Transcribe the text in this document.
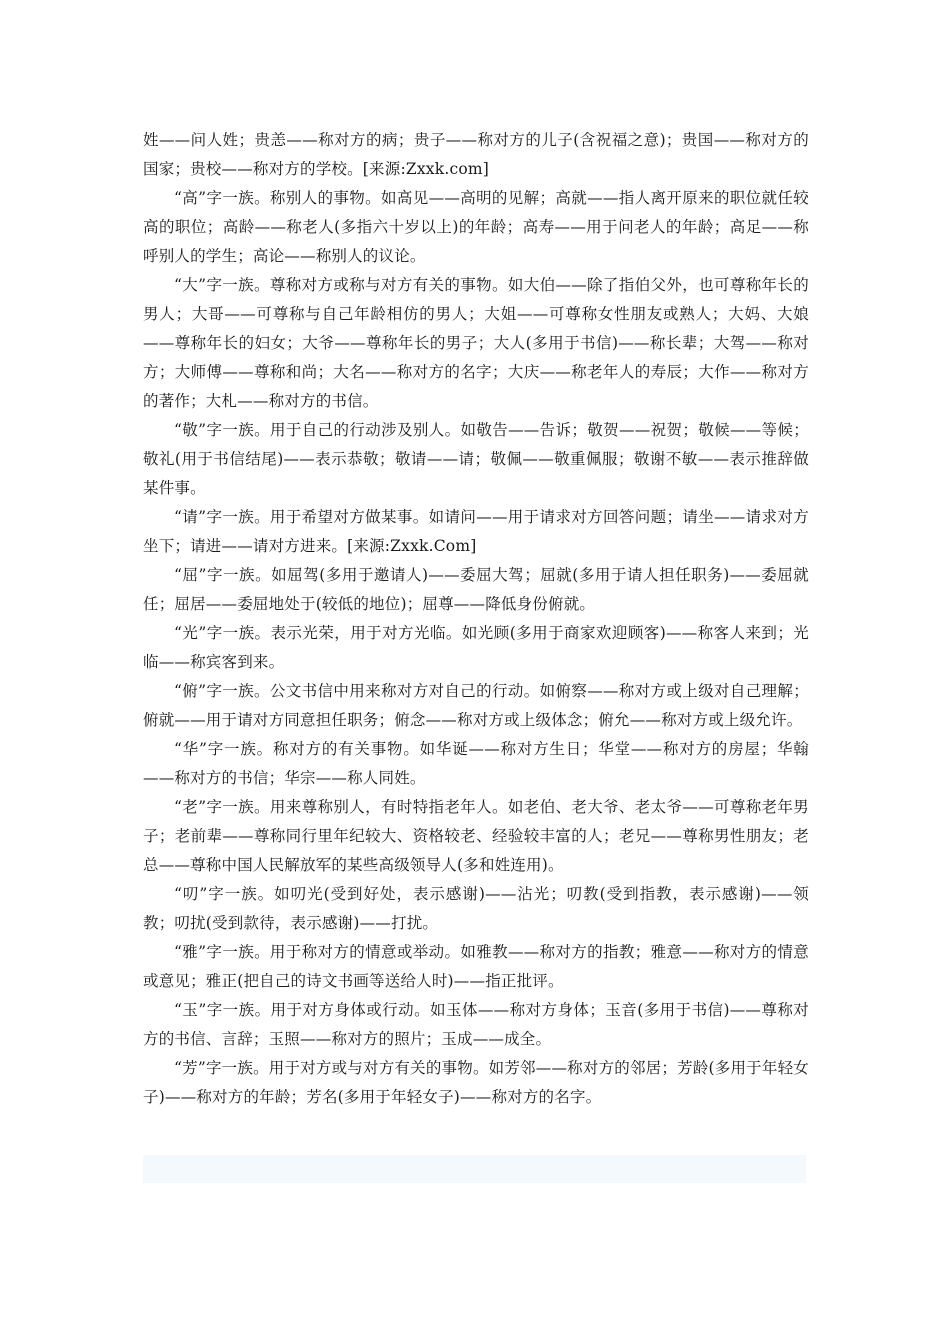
姓——问人姓；贵恙——称对方的病；贵子——称对方的儿子(含祝福之意)；贵国——称对方的国家；贵校——称对方的学校。[来源:Zxxk.com]

“高”字一族。称别人的事物。如高见——高明的见解；高就——指人离开原来的职位就任较高的职位；高龄——称老人(多指六十岁以上)的年龄；高寿——用于问老人的年龄；高足——称呼别人的学生；高论——称别人的议论。

“大”字一族。尊称对方或称与对方有关的事物。如大伯——除了指伯父外，也可尊称年长的男人；大哥——可尊称与自己年龄相仿的男人；大姐——可尊称女性朋友或熟人；大妈、大娘——尊称年长的妇女；大爷——尊称年长的男子；大人(多用于书信)——称长辈；大驾——称对方；大师傅——尊称和尚；大名——称对方的名字；大庆——称老年人的寿辰；大作——称对方的著作；大札——称对方的书信。

“敬”字一族。用于自己的行动涉及别人。如敬告——告诉；敬贺——祝贺；敬候——等候；敬礼(用于书信结尾)——表示恭敬；敬请——请；敬佩——敬重佩服；敬谢不敏——表示推辞做某件事。

“请”字一族。用于希望对方做某事。如请问——用于请求对方回答问题；请坐——请求对方坐下；请进——请对方进来。[来源:Zxxk.Com]

“屈”字一族。如屈驾(多用于邀请人)——委屈大驾；屈就(多用于请人担任职务)——委屈就任；屈居——委屈地处于(较低的地位)；屈尊——降低身份俯就。

“光”字一族。表示光荣，用于对方光临。如光顾(多用于商家欢迎顾客)——称客人来到；光临——称宾客到来。

“俯”字一族。公文书信中用来称对方对自己的行动。如俯察——称对方或上级对自己理解；俯就——用于请对方同意担任职务；俯念——称对方或上级体念；俯允——称对方或上级允许。

“华”字一族。称对方的有关事物。如华诞——称对方生日；华堂——称对方的房屋；华翰——称对方的书信；华宗——称人同姓。

“老”字一族。用来尊称别人，有时特指老年人。如老伯、老大爷、老太爷——可尊称老年男子；老前辈——尊称同行里年纪较大、资格较老、经验较丰富的人；老兄——尊称男性朋友；老总——尊称中国人民解放军的某些高级领导人(多和姓连用)。

“叨”字一族。如叨光(受到好处，表示感谢)——沾光；叨教(受到指教，表示感谢)——领教；叨扰(受到款待，表示感谢)——打扰。

“雅”字一族。用于称对方的情意或举动。如雅教——称对方的指教；雅意——称对方的情意或意见；雅正(把自己的诗文书画等送给人时)——指正批评。

“玉”字一族。用于对方身体或行动。如玉体——称对方身体；玉音(多用于书信)——尊称对方的书信、言辞；玉照——称对方的照片；玉成——成全。

“芳”字一族。用于对方或与对方有关的事物。如芳邻——称对方的邻居；芳龄(多用于年轻女子)——称对方的年龄；芳名(多用于年轻女子)——称对方的名字。
